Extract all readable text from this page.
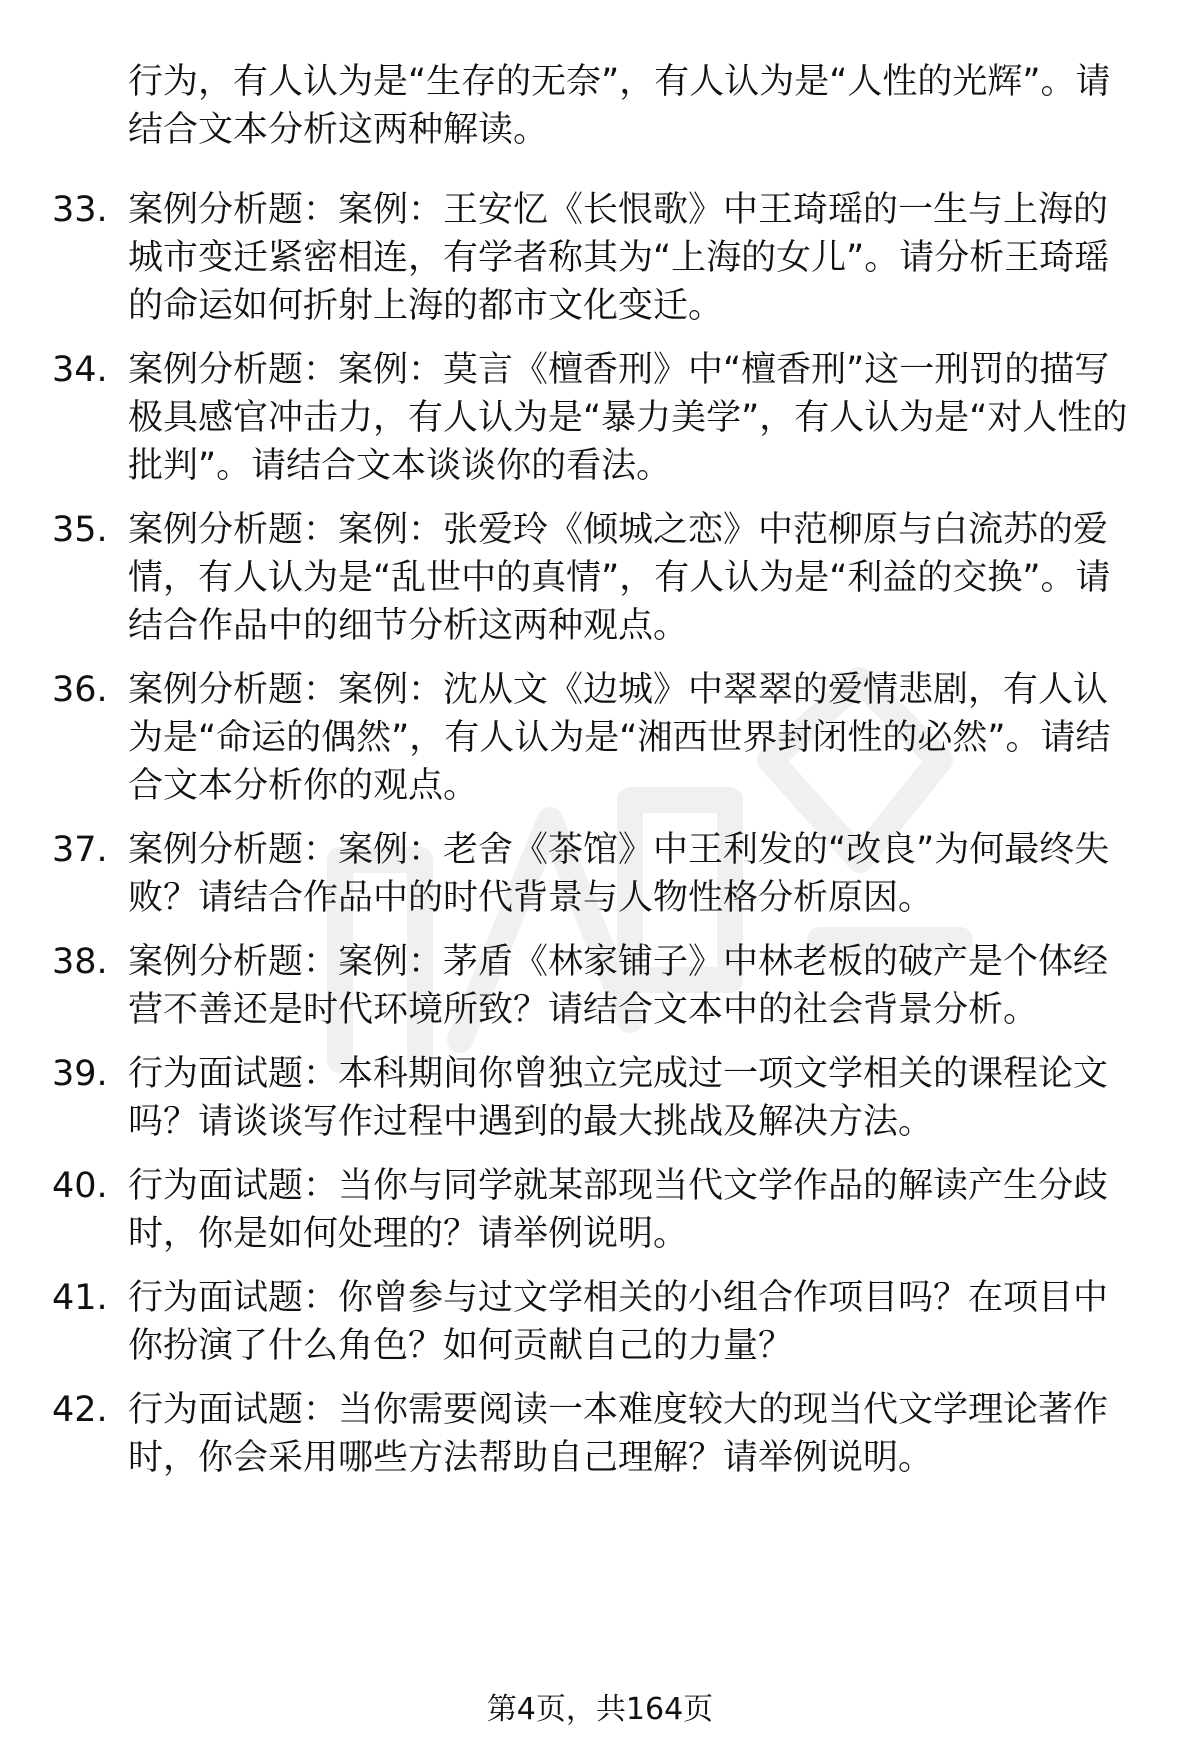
行为，有人认为是“生存的无奈”，有人认为是“人性的光辉”。请结合文本分析这两种解读。

33. 案例分析题：案例：王安忆《长恨歌》中王琦瑶的一生与上海的城市变迁紧密相连，有学者称其为“上海的女儿”。请分析王琦瑶的命运如何折射上海的都市文化变迁。

34. 案例分析题：案例：莫言《檀香刑》中“檀香刑”这一刑罚的描写极具感官冲击力，有人认为是“暴力美学”，有人认为是“对人性的批判”。请结合文本谈谈你的看法。

35. 案例分析题：案例：张爱玲《倾城之恋》中范柳原与白流苏的爱情，有人认为是“乱世中的真情”，有人认为是“利益的交换”。请结合作品中的细节分析这两种观点。

36. 案例分析题：案例：沈从文《边城》中翠翠的爱情悲剧，有人认为是“命运的偶然”，有人认为是“湘西世界封闭性的必然”。请结合文本分析你的观点。

37. 案例分析题：案例：老舍《茶馆》中王利发的“改良”为何最终失败？请结合作品中的时代背景与人物性格分析原因。

38. 案例分析题：案例：茅盾《林家铺子》中林老板的破产是个体经营不善还是时代环境所致？请结合文本中的社会背景分析。

39. 行为面试题：本科期间你曾独立完成过一项文学相关的课程论文吗？请谈谈写作过程中遇到的最大挑战及解决方法。

40. 行为面试题：当你与同学就某部现当代文学作品的解读产生分歧时，你是如何处理的？请举例说明。

41. 行为面试题：你曾参与过文学相关的小组合作项目吗？在项目中你扮演了什么角色？如何贡献自己的力量？

42. 行为面试题：当你需要阅读一本难度较大的现当代文学理论著作时，你会采用哪些方法帮助自己理解？请举例说明。

第4页，共164页
